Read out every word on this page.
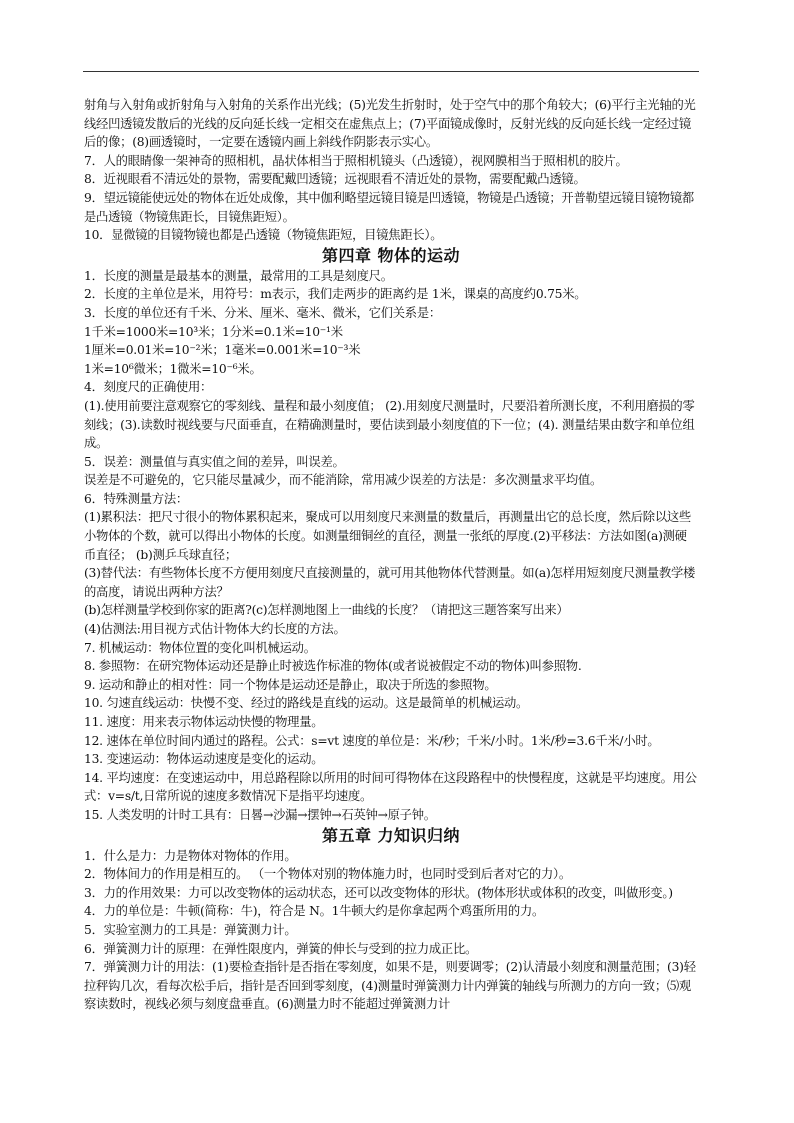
射角与入射角或折射角与入射角的关系作出光线；(5)光发生折射时，处于空气中的那个角较大；(6)平行主光轴的光线经凹透镜发散后的光线的反向延长线一定相交在虚焦点上；(7)平面镜成像时，反射光线的反向延长线一定经过镜后的像；(8)画透镜时，一定要在透镜内画上斜线作阴影表示实心。

7．人的眼睛像一架神奇的照相机，晶状体相当于照相机镜头（凸透镜），视网膜相当于照相机的胶片。

8．近视眼看不清远处的景物，需要配戴凹透镜；远视眼看不清近处的景物，需要配戴凸透镜。

9．望远镜能使远处的物体在近处成像，其中伽利略望远镜目镜是凹透镜，物镜是凸透镜；开普勒望远镜目镜物镜都是凸透镜（物镜焦距长，目镜焦距短）。

10．显微镜的目镜物镜也都是凸透镜（物镜焦距短，目镜焦距长）。

第四章 物体的运动

1．长度的测量是最基本的测量，最常用的工具是刻度尺。

2．长度的主单位是米，用符号：m表示，我们走两步的距离约是 1米，课桌的高度约0.75米。

3．长度的单位还有千米、分米、厘米、毫米、微米，它们关系是：

1千米=1000米=10³米；1分米=0.1米=10⁻¹米

1厘米=0.01米=10⁻²米；1毫米=0.001米=10⁻³米

1米=10⁶微米；1微米=10⁻⁶米。

4．刻度尺的正确使用：

(1).使用前要注意观察它的零刻线、量程和最小刻度值； (2).用刻度尺测量时，尺要沿着所测长度，不利用磨损的零刻线；(3).读数时视线要与尺面垂直，在精确测量时，要估读到最小刻度值的下一位；(4). 测量结果由数字和单位组成。

5．误差：测量值与真实值之间的差异，叫误差。

误差是不可避免的，它只能尽量减少，而不能消除，常用减少误差的方法是：多次测量求平均值。

6．特殊测量方法：

(1)累积法：把尺寸很小的物体累积起来，聚成可以用刻度尺来测量的数量后，再测量出它的总长度，然后除以这些小物体的个数，就可以得出小物体的长度。如测量细铜丝的直径，测量一张纸的厚度.(2)平移法：方法如图(a)测硬币直径； (b)测乒乓球直径；

(3)替代法：有些物体长度不方便用刻度尺直接测量的，就可用其他物体代替测量。如(a)怎样用短刻度尺测量教学楼的高度，请说出两种方法？

(b)怎样测量学校到你家的距离?(c)怎样测地图上一曲线的长度？（请把这三题答案写出来）

(4)估测法:用目视方式估计物体大约长度的方法。

7. 机械运动：物体位置的变化叫机械运动。

8. 参照物：在研究物体运动还是静止时被选作标准的物体(或者说被假定不动的物体)叫参照物.

9. 运动和静止的相对性：同一个物体是运动还是静止，取决于所选的参照物。

10. 匀速直线运动：快慢不变、经过的路线是直线的运动。这是最简单的机械运动。

11. 速度：用来表示物体运动快慢的物理量。

12. 速体在单位时间内通过的路程。公式：s=vt 速度的单位是：米/秒；千米/小时。1米/秒=3.6千米/小时。

13. 变速运动：物体运动速度是变化的运动。

14. 平均速度：在变速运动中，用总路程除以所用的时间可得物体在这段路程中的快慢程度，这就是平均速度。用公式：v=s/t,日常所说的速度多数情况下是指平均速度。

15. 人类发明的计时工具有：日晷→沙漏→摆钟→石英钟→原子钟。

第五章 力知识归纳

1．什么是力：力是物体对物体的作用。

2．物体间力的作用是相互的。 （一个物体对别的物体施力时，也同时受到后者对它的力）。

3．力的作用效果：力可以改变物体的运动状态，还可以改变物体的形状。(物体形状或体积的改变，叫做形变。)

4．力的单位是：牛顿(简称：牛)，符合是 N。1牛顿大约是你拿起两个鸡蛋所用的力。

5．实验室测力的工具是：弹簧测力计。

6．弹簧测力计的原理：在弹性限度内，弹簧的伸长与受到的拉力成正比。

7．弹簧测力计的用法：(1)要检查指针是否指在零刻度，如果不是，则要调零；(2)认清最小刻度和测量范围；(3)轻拉秤钩几次，看每次松手后，指针是否回到零刻度，(4)测量时弹簧测力计内弹簧的轴线与所测力的方向一致；⑸观察读数时，视线必须与刻度盘垂直。(6)测量力时不能超过弹簧测力计
